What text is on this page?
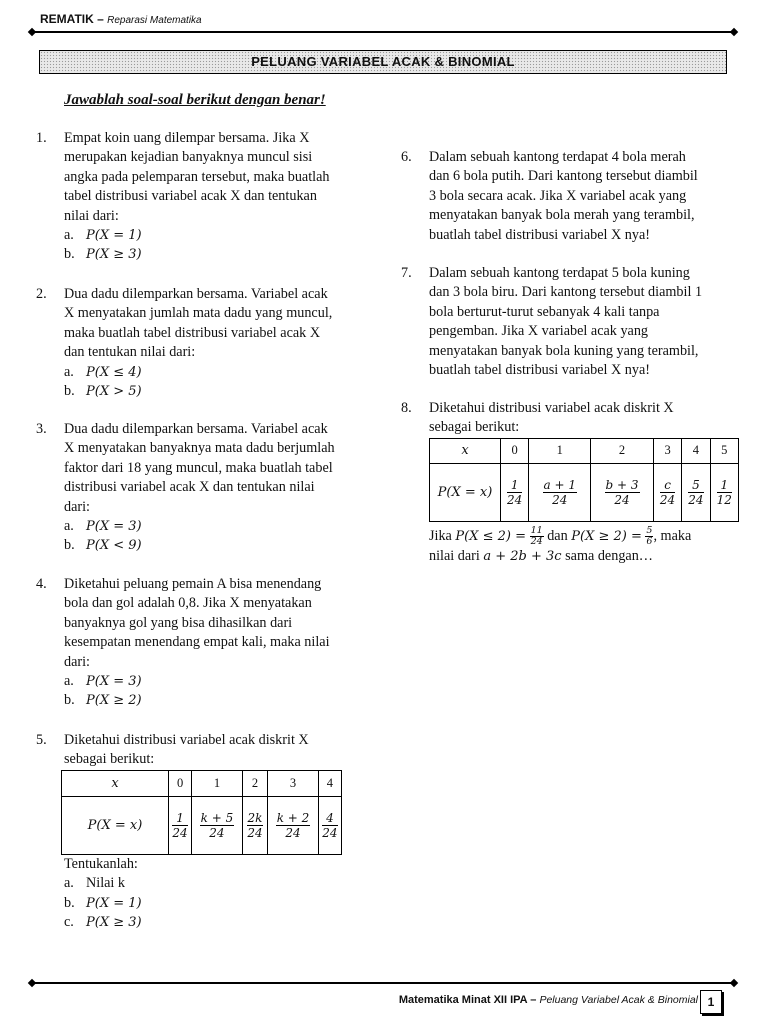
REMATIK – Reparasi Matematika
PELUANG VARIABEL ACAK & BINOMIAL
Jawablah soal-soal berikut dengan benar!
1. Empat koin uang dilempar bersama. Jika X

merupakan kejadian banyaknya muncul sisi

angka pada pelemparan tersebut, maka buatlah

tabel distribusi variabel acak X dan tentukan

nilai dari:

a. P(X = 1)

b. P(X ≥ 3)

2. Dua dadu dilemparkan bersama. Variabel acak

X menyatakan jumlah mata dadu yang muncul,

maka buatlah tabel distribusi variabel acak X

dan tentukan nilai dari:

a. P(X ≤ 4)

b. P(X > 5)

3. Dua dadu dilemparkan bersama. Variabel acak

X menyatakan banyaknya mata dadu berjumlah

faktor dari 18 yang muncul, maka buatlah tabel

distribusi variabel acak X dan tentukan nilai

dari:

a. P(X = 3)

b. P(X < 9)

4. Diketahui peluang pemain A bisa menendang

bola dan gol adalah 0,8. Jika X menyatakan

banyaknya gol yang bisa dihasilkan dari

kesempatan menendang empat kali, maka nilai

dari:

a. P(X = 3)

b. P(X ≥ 2)

5. Diketahui distribusi variabel acak diskrit X

sebagai berikut:

x	0	1	2	3	4
P(X = x)	$\frac{1}{24}$	$\frac{k + 5}{24}$	$\frac{2k}{24}$	$\frac{k + 2}{24}$	$\frac{4}{24}$

Tentukanlah:

a. Nilai k

b. P(X = 1)

c. P(X ≥ 3)

6. Dalam sebuah kantong terdapat 4 bola merah

dan 6 bola putih. Dari kantong tersebut diambil

3 bola secara acak. Jika X variabel acak yang

menyatakan banyak bola merah yang terambil,

buatlah tabel distribusi variabel X nya!

7. Dalam sebuah kantong terdapat 5 bola kuning

dan 3 bola biru. Dari kantong tersebut diambil 1

bola berturut-turut sebanyak 4 kali tanpa

pengemban. Jika X variabel acak yang

menyatakan banyak bola kuning yang terambil,

buatlah tabel distribusi variabel X nya!

8. Diketahui distribusi variabel acak diskrit X

sebagai berikut:

x	0	1	2	3	4	5
P(X = x)	$\frac{1}{24}$	$\frac{a + 1}{24}$	$\frac{b + 3}{24}$	$\frac{c}{24}$	$\frac{5}{24}$	$\frac{1}{12}$

Jika $P(X \le 2) = \frac{11}{24}$ dan $P(X \ge 2) = \frac{5}{6}$, maka

nilai dari a + 2b + 3c sama dengan…

Matematika Minat XII IPA – Peluang Variabel Acak & Binomial 1
